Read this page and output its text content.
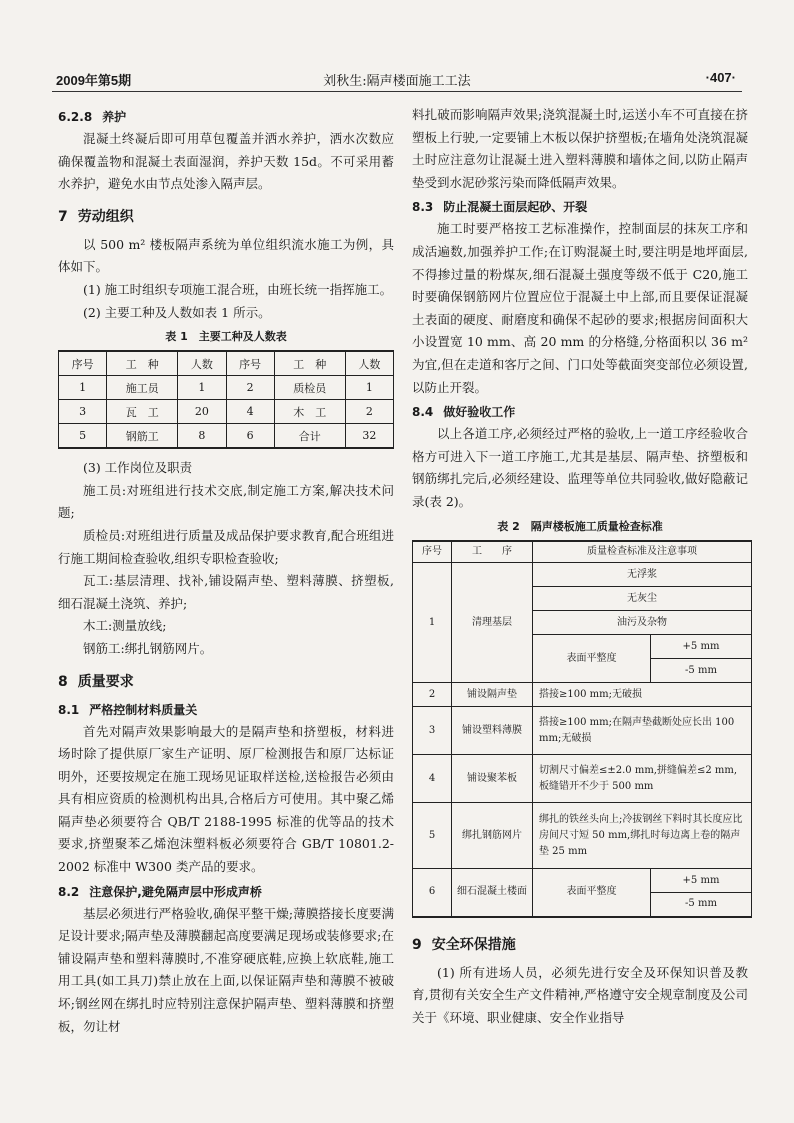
2009年第5期	刘秋生:隔声楼面施工工法	·407·
6.2.8 养护

混凝土终凝后即可用草包覆盖并洒水养护，洒水次数应确保覆盖物和混凝土表面湿润，养护天数 15d。不可采用蓄水养护，避免水由节点处渗入隔声层。

7 劳动组织

以 500 m² 楼板隔声系统为单位组织流水施工为例，具体如下。

(1) 施工时组织专项施工混合班，由班长统一指挥施工。

(2) 主要工种及人数如表 1 所示。

表 1　主要工种及人数表
序号	工　种	人数	序号	工　种	人数
1	施工员	1	2	质检员	1
3	瓦　工	20	4	木　工	2
5	钢筋工	8	6	合计	32

(3) 工作岗位及职责

施工员:对班组进行技术交底,制定施工方案,解决技术问题;

质检员:对班组进行质量及成品保护要求教育,配合班组进行施工期间检查验收,组织专职检查验收;

瓦工:基层清理、找补,铺设隔声垫、塑料薄膜、挤塑板,细石混凝土浇筑、养护;

木工:测量放线;

钢筋工:绑扎钢筋网片。

8 质量要求
8.1 严格控制材料质量关

首先对隔声效果影响最大的是隔声垫和挤塑板，材料进场时除了提供原厂家生产证明、原厂检测报告和原厂达标证明外，还要按规定在施工现场见证取样送检,送检报告必须由具有相应资质的检测机构出具,合格后方可使用。其中聚乙烯隔声垫必须要符合 QB/T 2188-1995 标准的优等品的技术要求,挤塑聚苯乙烯泡沫塑料板必须要符合 GB/T 10801.2-2002 标准中 W300 类产品的要求。

8.2 注意保护,避免隔声层中形成声桥

基层必须进行严格验收,确保平整干燥;薄膜搭接长度要满足设计要求;隔声垫及薄膜翻起高度要满足现场或装修要求;在铺设隔声垫和塑料薄膜时,不准穿硬底鞋,应换上软底鞋,施工用工具(如工具刀)禁止放在上面,以保证隔声垫和薄膜不被破坏;钢丝网在绑扎时应特别注意保护隔声垫、塑料薄膜和挤塑板，勿让材

料扎破而影响隔声效果;浇筑混凝土时,运送小车不可直接在挤塑板上行驶,一定要铺上木板以保护挤塑板;在墙角处浇筑混凝土时应注意勿让混凝土进入塑料薄膜和墙体之间,以防止隔声垫受到水泥砂浆污染而降低隔声效果。

8.3 防止混凝土面层起砂、开裂

施工时要严格按工艺标准操作，控制面层的抹灰工序和成活遍数,加强养护工作;在订购混凝土时,要注明是地坪面层,不得掺过量的粉煤灰,细石混凝土强度等级不低于 C20,施工时要确保钢筋网片位置应位于混凝土中上部,而且要保证混凝土表面的硬度、耐磨度和确保不起砂的要求;根据房间面积大小设置宽 10 mm、高 20 mm 的分格缝,分格面积以 36 m² 为宜,但在走道和客厅之间、门口处等截面突变部位必须设置,以防止开裂。

8.4 做好验收工作

以上各道工序,必须经过严格的验收,上一道工序经验收合格方可进入下一道工序施工,尤其是基层、隔声垫、挤塑板和钢筋绑扎完后,必须经建设、监理等单位共同验收,做好隐蔽记录(表 2)。

表 2　隔声楼板施工质量检查标准
序号	工　　序	质量检查标准及注意事项	
1	清理基层	无浮浆	
		无灰尘	
		油污及杂物	
		表面平整度	+5 mm
			-5 mm
2	铺设隔声垫	搭接≥100 mm;无破损	
3	铺设塑料薄膜	搭接≥100 mm;在隔声垫截断处应长出 100 mm;无破损	
4	铺设聚苯板	切割尺寸偏差≤±2.0 mm,拼缝偏差≤2 mm,板缝错开不少于 500 mm	
5	绑扎钢筋网片	绑扎的铁丝头向上;冷拔钢丝下料时其长度应比房间尺寸短 50 mm,绑扎时每边离上卷的隔声垫 25 mm	
6	细石混凝土楼面	表面平整度	+5 mm
			-5 mm
9 安全环保措施

(1) 所有进场人员，必须先进行安全及环保知识普及教育,贯彻有关安全生产文件精神,严格遵守安全规章制度及公司关于《环境、职业健康、安全作业指导
